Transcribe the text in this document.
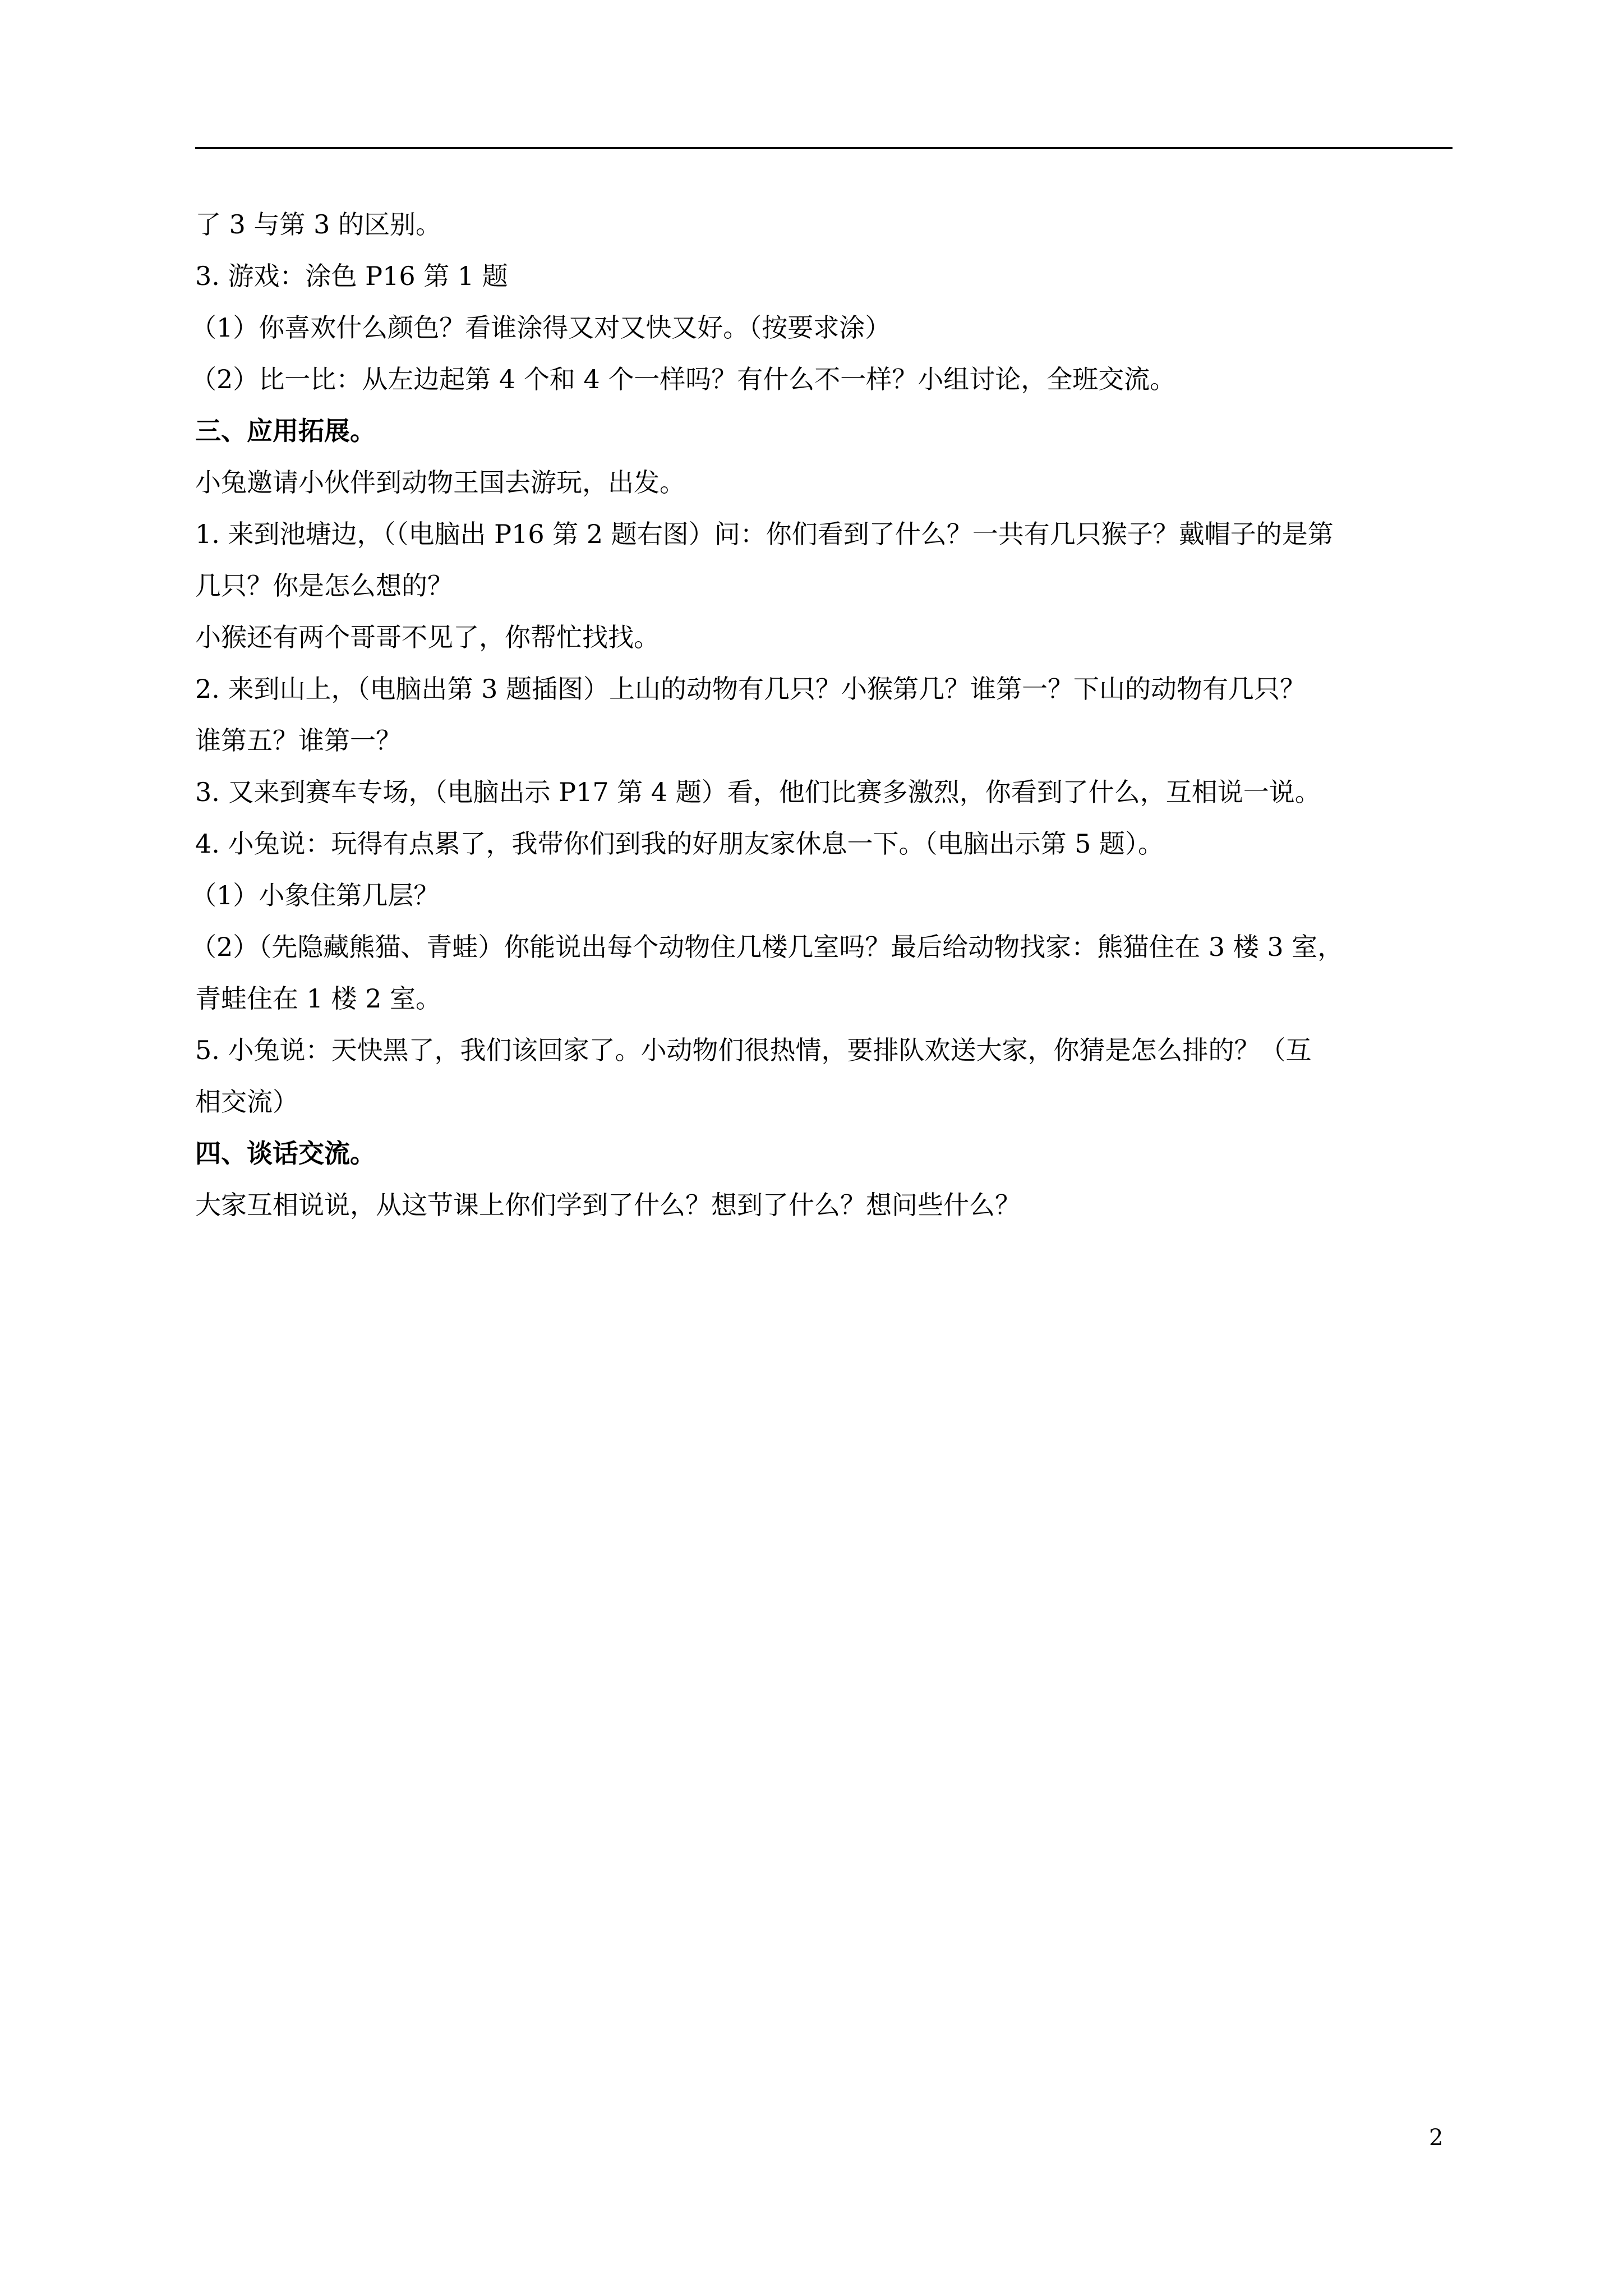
了 3 与第 3 的区别。
3. 游戏：涂色 P16 第 1 题
（1）你喜欢什么颜色？看谁涂得又对又快又好。（按要求涂）
（2）比一比：从左边起第 4 个和 4 个一样吗？有什么不一样？小组讨论，全班交流。
三、应用拓展。
小兔邀请小伙伴到动物王国去游玩，出发。
1. 来到池塘边，（（电脑出 P16 第 2 题右图）问：你们看到了什么？一共有几只猴子？戴帽子的是第
几只？你是怎么想的？
小猴还有两个哥哥不见了，你帮忙找找。
2. 来到山上，（电脑出第 3 题插图）上山的动物有几只？小猴第几？谁第一？下山的动物有几只？
谁第五？谁第一？
3. 又来到赛车专场，（电脑出示 P17 第 4 题）看，他们比赛多激烈，你看到了什么，互相说一说。
4. 小兔说：玩得有点累了，我带你们到我的好朋友家休息一下。（电脑出示第 5 题）。
（1）小象住第几层？
（2）（先隐藏熊猫、青蛙）你能说出每个动物住几楼几室吗？最后给动物找家：熊猫住在 3 楼 3 室，
青蛙住在 1 楼 2 室。
5. 小兔说：天快黑了，我们该回家了。小动物们很热情，要排队欢送大家，你猜是怎么排的？（互
相交流）
四、谈话交流。
大家互相说说，从这节课上你们学到了什么？想到了什么？想问些什么？
2
